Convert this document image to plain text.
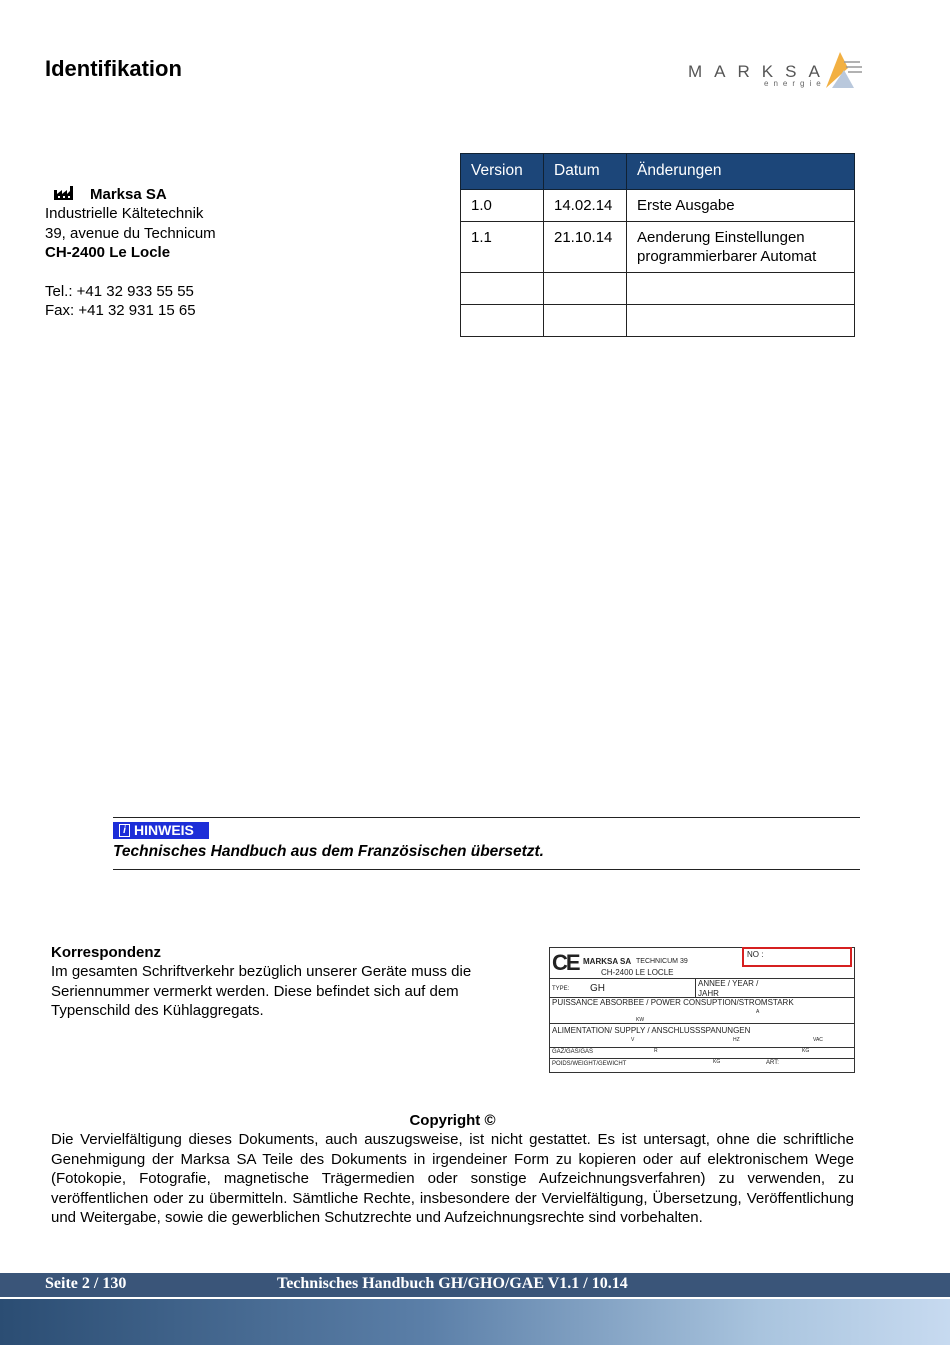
Identifikation	MARKSA
energie
Marksa SA
Industrielle Kältetechnik
39, avenue du Technicum
CH-2400 Le Locle
Tel.: +41 32 933 55 55
Fax: +41 32 931 15 65
Version	Datum	Änderungen
1.0	14.02.14	Erste Ausgabe
1.1	21.10.14	Aenderung Einstellungen programmierbarer Automat

i HINWEIS
Technisches Handbuch aus dem Französischen übersetzt.
Korrespondenz
Im gesamten Schriftverkehr bezüglich unserer Geräte muss die Seriennummer vermerkt werden. Diese befindet sich auf dem Typenschild des Kühlaggregats.
CE MARKSA SA TECHNICUM 39
CH-2400 LE LOCLE
NO :
TYPE: GH	ANNEE / YEAR / JAHR
PUISSANCE ABSORBEE / POWER CONSUPTION/STROMSTARK
KW
A
ALIMENTATION/ SUPPLY / ANSCHLUSSSPANUNGEN
V	HZ	VAC
GAZ/GAS/GAS	R	KG
POIDS/WEIGHT/GEWICHT	KG	ART:
Copyright ©
Die Vervielfältigung dieses Dokuments, auch auszugsweise, ist nicht gestattet. Es ist untersagt, ohne die schriftliche Genehmigung der Marksa SA Teile des Dokuments in irgendeiner Form zu kopieren oder auf elektronischem Wege (Fotokopie, Fotografie, magnetische Trägermedien oder sonstige Aufzeichnungsverfahren) zu verwenden, zu veröffentlichen oder zu übermitteln. Sämtliche Rechte, insbesondere der Vervielfältigung, Übersetzung, Veröffentlichung und Weitergabe, sowie die gewerblichen Schutzrechte und Aufzeichnungsrechte sind vorbehalten.
Seite 2 / 130	Technisches Handbuch GH/GHO/GAE V1.1 / 10.14
